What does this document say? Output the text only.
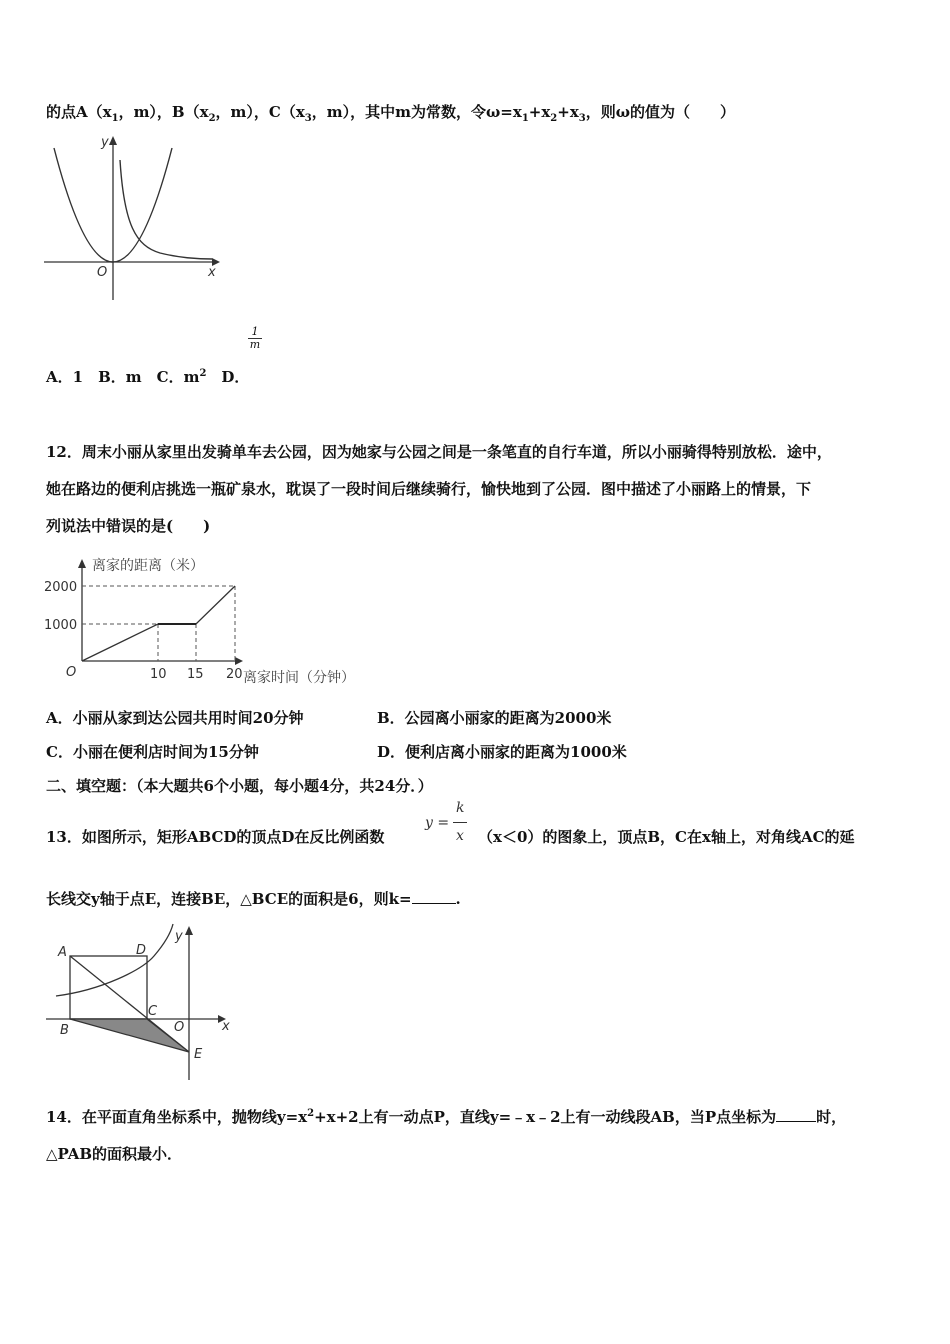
的点$A(x_1$，m），$B(x_2$，m），$C(x_3$，m），其中m为常数，令$\omega=x_1+x_2+x_3$，则ω的值为（　　）
y
x
O
$\frac{1}{m}$
A．1　B．m　C．$m^2$　D．
12．周末小丽从家里出发骑单车去公园，因为她家与公园之间是一条笔直的自行车道，所以小丽骑得特别放松．途中，
她在路边的便利店挑选一瓶矿泉水，耽误了一段时间后继续骑行，愉快地到了公园．图中描述了小丽路上的情景，下
列说法中错误的是(　　)
离家的距离（米）
2000
1000
O	10 15 20 离家时间（分钟）
A．小丽从家到达公园共用时间20分钟	B．公园离小丽家的距离为2000米
C．小丽在便利店时间为15分钟	D．便利店离小丽家的距离为1000米
二、填空题：（本大题共6个小题，每小题4分，共24分．）
13．如图所示，矩形ABCD的顶点D在反比例函数
y =
k
x （x＜0）的图象上，顶点B，C在x轴上，对角线AC的延
长线交y轴于点E，连接BE，△BCE的面积是6，则k=	.
A	D
y
C
B	O	x
E
14．在平面直角坐标系中，抛物线$y=x^2+x+2$上有一动点P，直线y=﹣x﹣2上有一动线段AB，当P点坐标为	时，
△PAB的面积最小．
